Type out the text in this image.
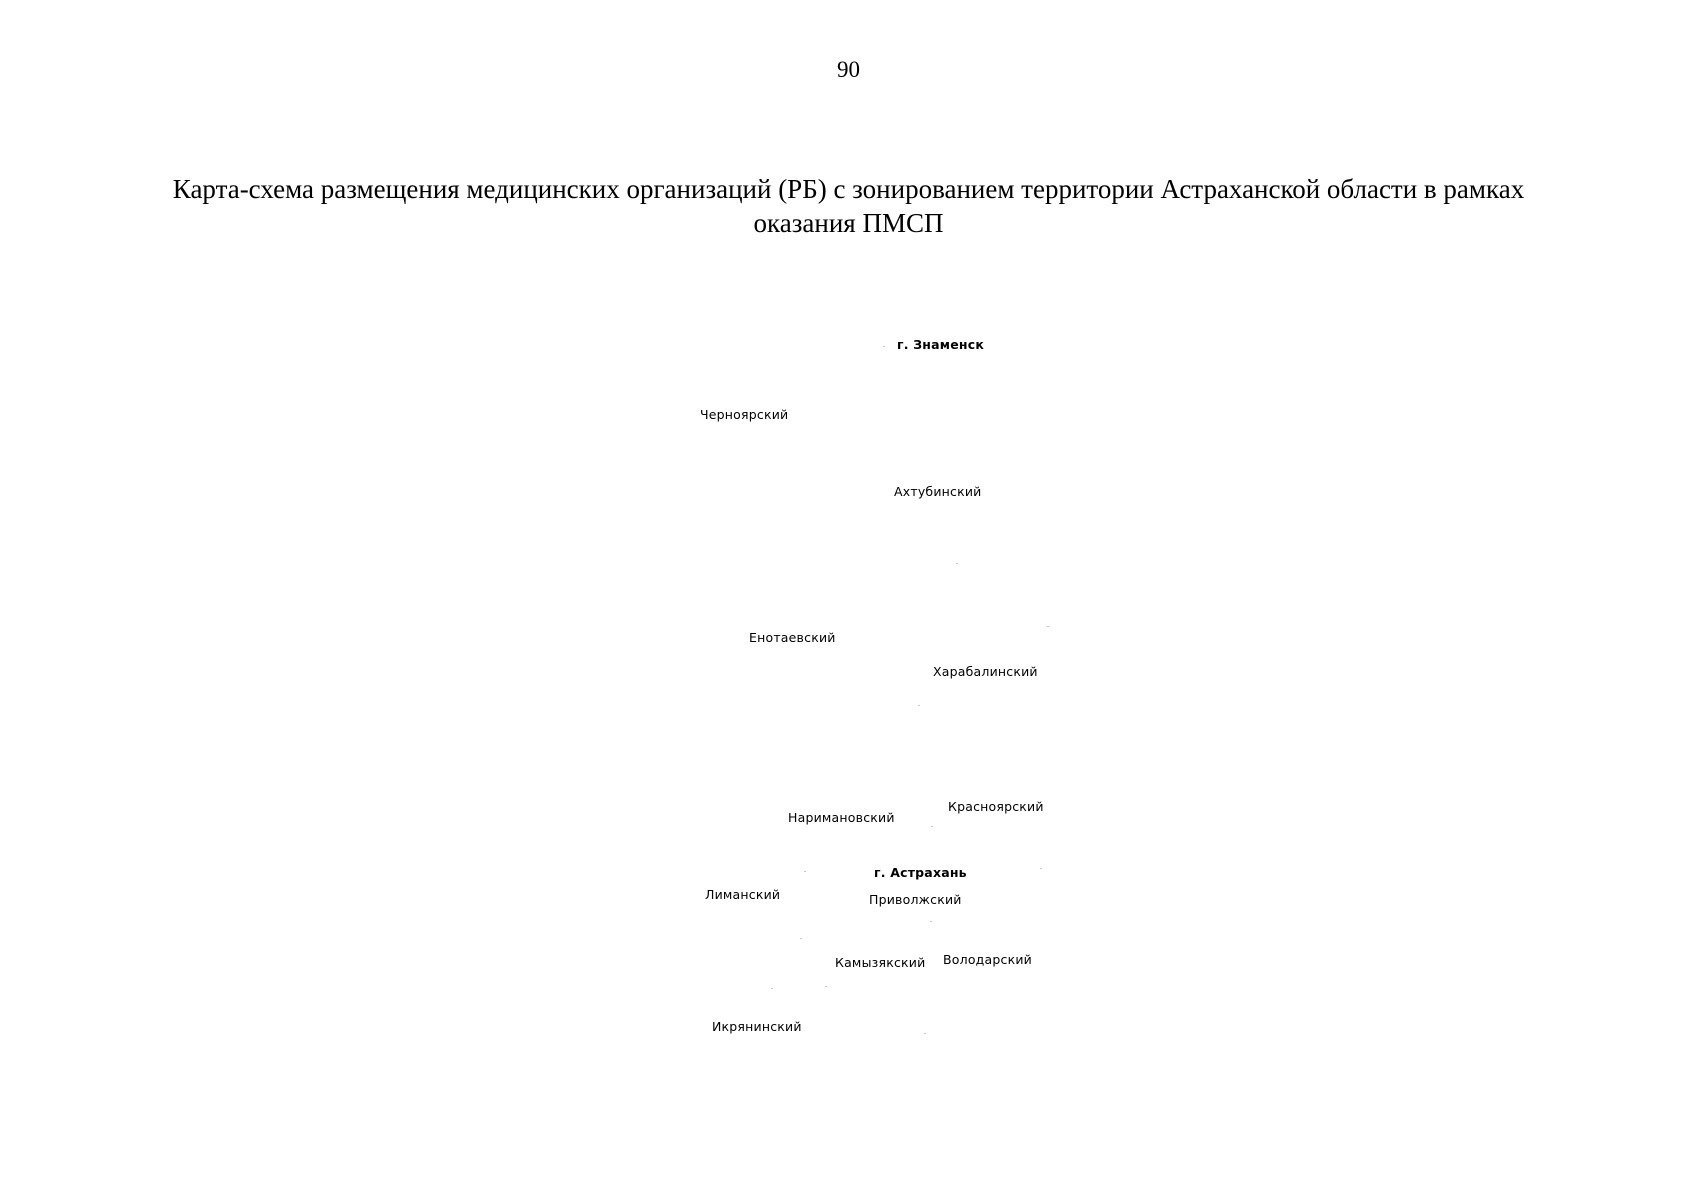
90
Карта-схема размещения медицинских организаций (РБ) с зонированием территории Астраханской области в рамках
оказания ПМСП
г. Знаменск
Черноярский
Ахтубинский
Енотаевский
Харабалинский
Наримановский
Красноярский
г. Астрахань
Лиманский	Приволжский
Камызякский Володарский
Икрянинский
